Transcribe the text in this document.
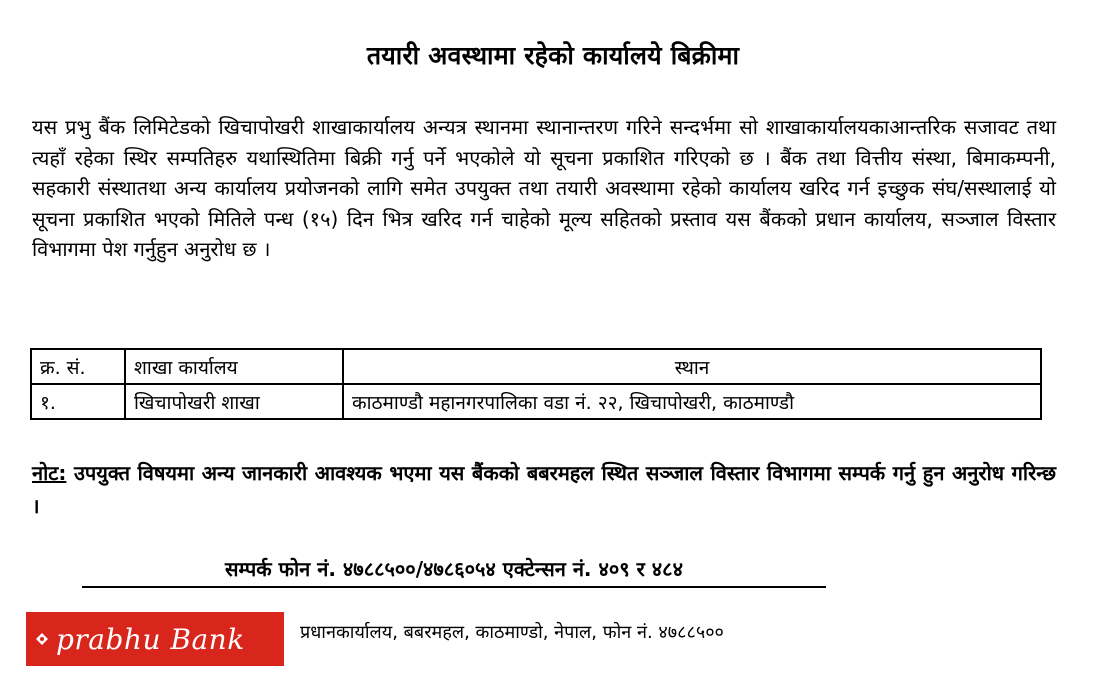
तयारी अवस्थामा रहेको कार्यालये बिक्रीमा
यस प्रभु बैंक लिमिटेडको खिचापोखरी शाखाकार्यालय अन्यत्र स्थानमा स्थानान्तरण गरिने सन्दर्भमा सो शाखाकार्यालयकाआन्तरिक सजावट तथा त्यहाँ रहेका स्थिर सम्पतिहरु यथास्थितिमा बिक्री गर्नु पर्ने भएकोले यो सूचना प्रकाशित गरिएको छ । बैंक तथा वित्तीय संस्था, बिमाकम्पनी, सहकारी संस्थातथा अन्य कार्यालय प्रयोजनको लागि समेत उपयुक्त तथा तयारी अवस्थामा रहेको कार्यालय खरिद गर्न इच्छुक संघ/सस्थालाई यो सूचना प्रकाशित भएको मितिले पन्ध (१५) दिन भित्र खरिद गर्न चाहेको मूल्य सहितको प्रस्ताव यस बैंकको प्रधान कार्यालय, सञ्जाल विस्तार विभागमा पेश गर्नुहुन अनुरोध छ ।
क्र. सं.	शाखा कार्यालय	स्थान
१.	खिचापोखरी शाखा	काठमाण्डौ महानगरपालिका वडा नं. २२, खिचापोखरी, काठमाण्डौ
नोट: उपयुक्त विषयमा अन्य जानकारी आवश्यक भएमा यस बैंकको बबरमहल स्थित सञ्जाल विस्तार विभागमा सम्पर्क गर्नु हुन अनुरोध गरिन्छ ।
सम्पर्क फोन नं. ४७८८५००/४७८६०५४ एक्टेन्सन नं. ४०९ र ४८४
prabhu Bank	प्रधानकार्यालय, बबरमहल, काठमाण्डो, नेपाल, फोन नं. ४७८८५००
